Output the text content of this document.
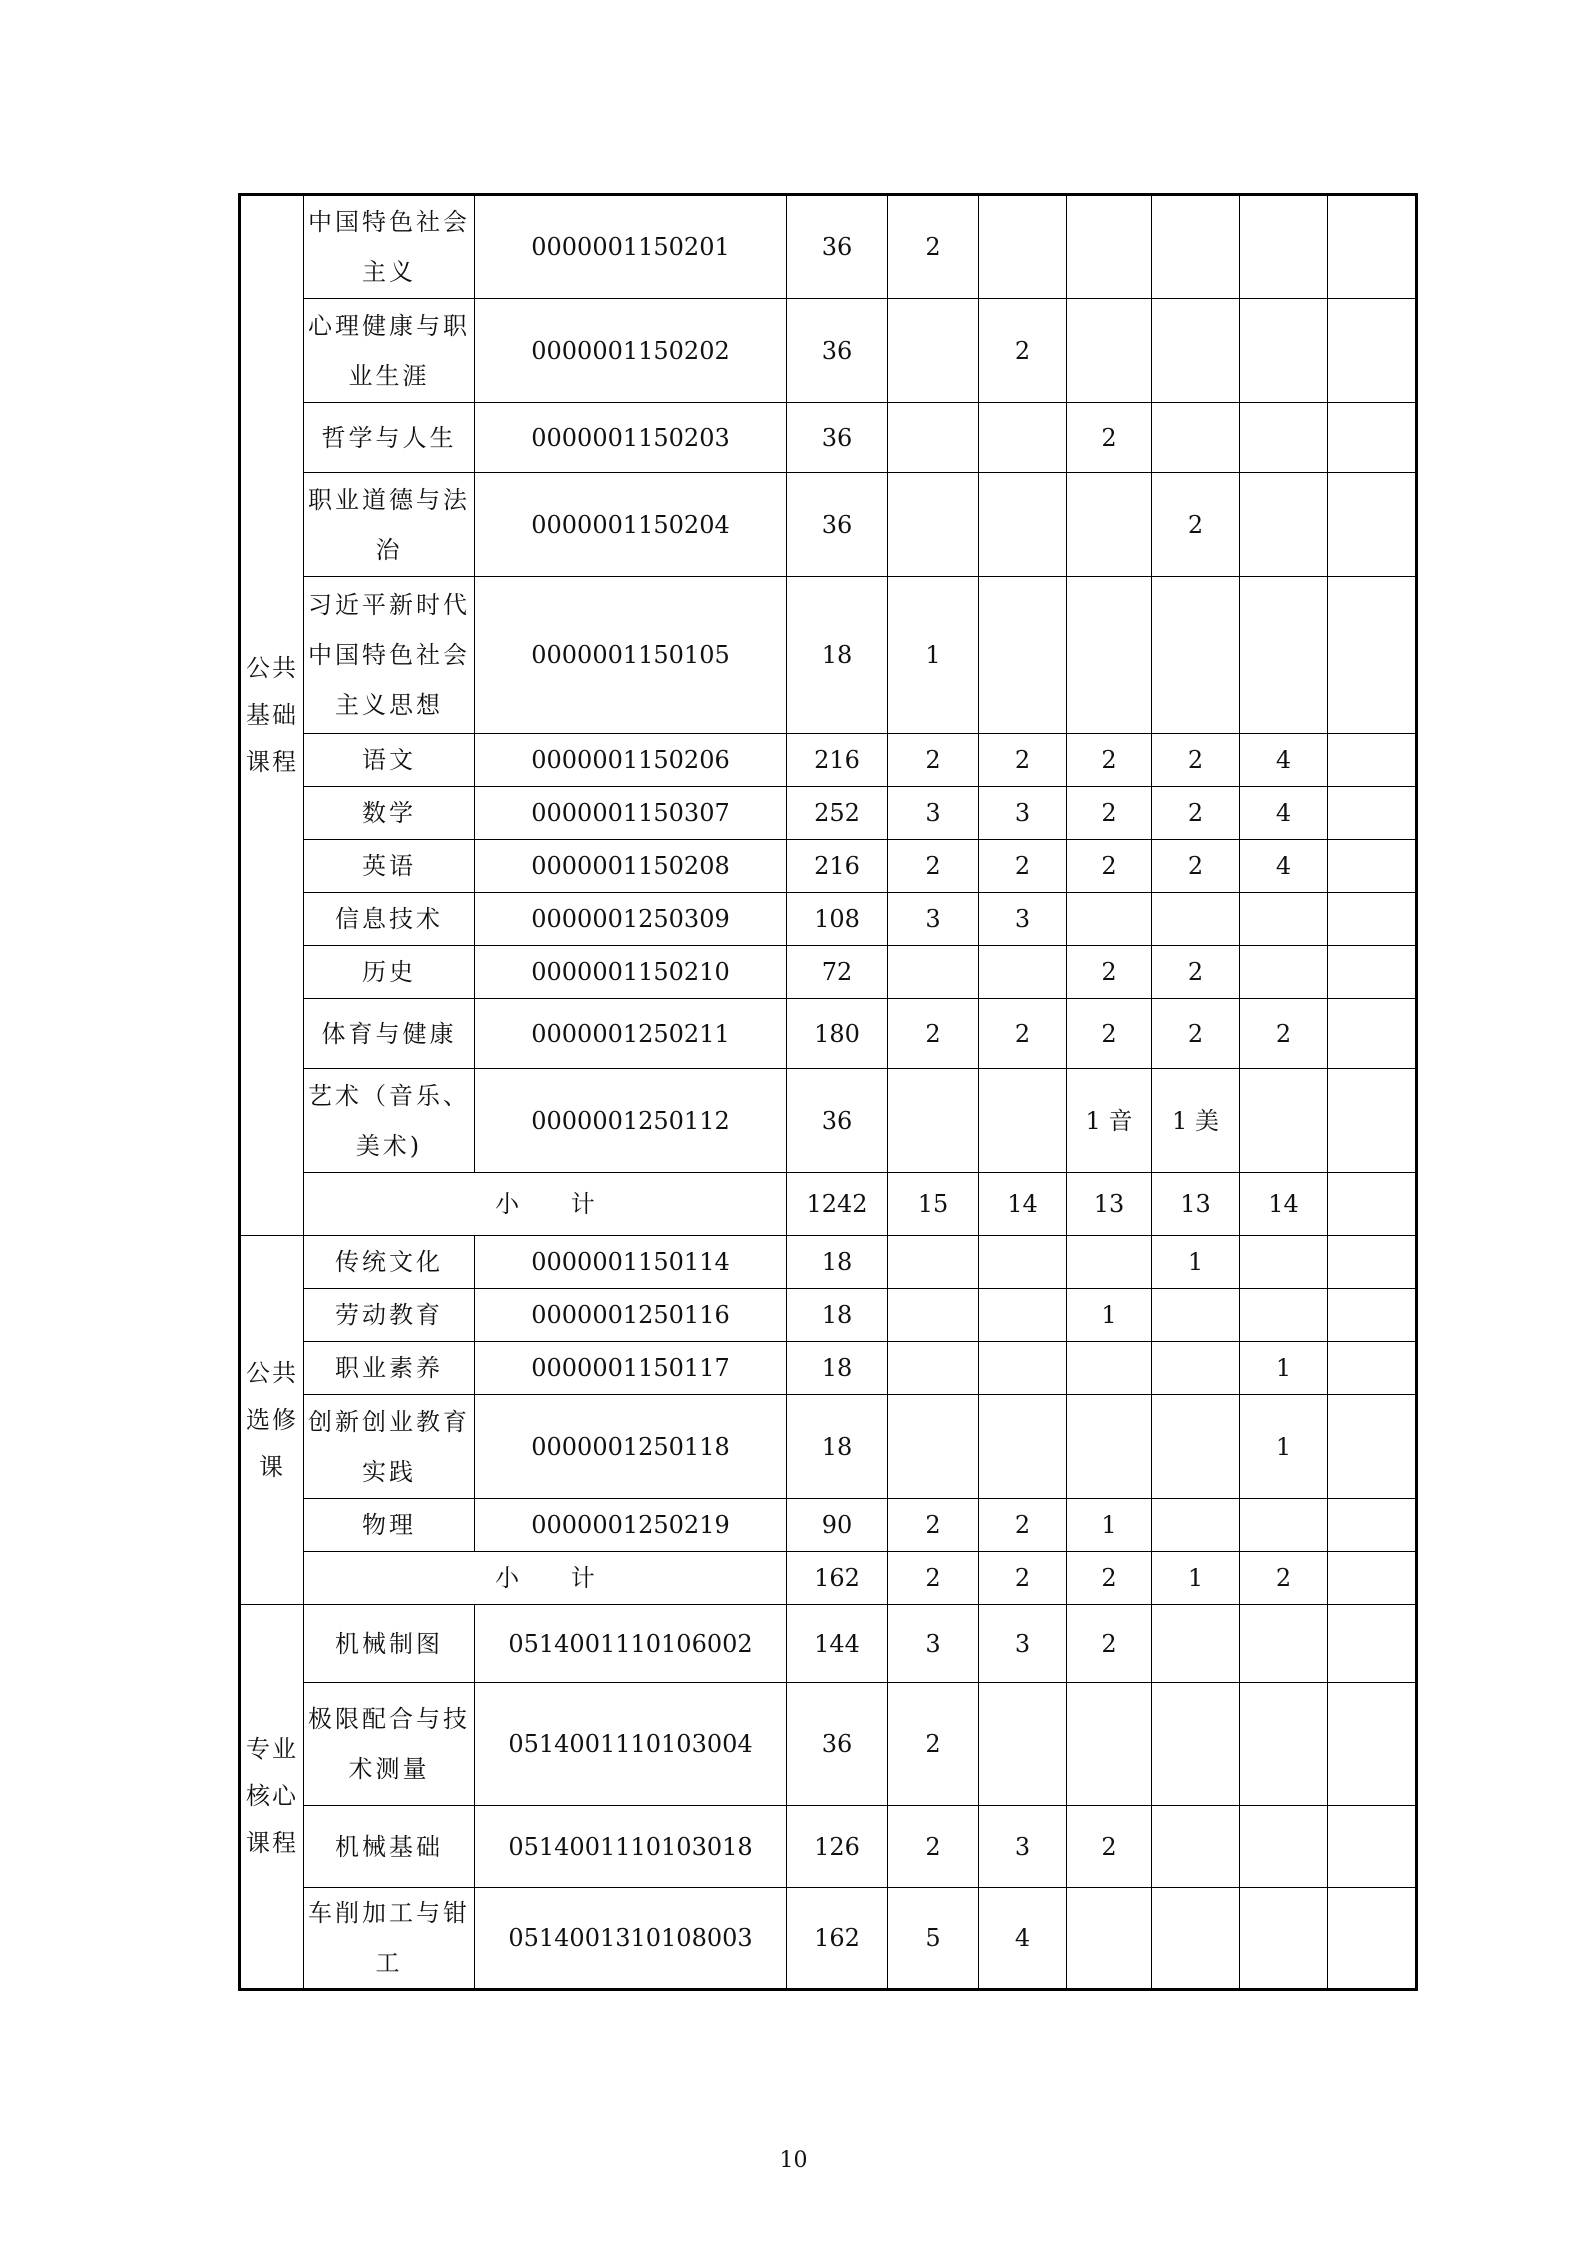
公共基础课程	中国特色社会主义	0000001150201	36	2					
	心理健康与职业生涯	0000001150202	36		2				
	哲学与人生	0000001150203	36			2			
	职业道德与法治	0000001150204	36				2		
	习近平新时代中国特色社会主义思想	0000001150105	18	1					
	语文	0000001150206	216	2	2	2	2	4	
	数学	0000001150307	252	3	3	2	2	4	
	英语	0000001150208	216	2	2	2	2	4	
	信息技术	0000001250309	108	3	3				
	历史	0000001150210	72			2	2		
	体育与健康	0000001250211	180	2	2	2	2	2	
	艺术（音乐、美术)	0000001250112	36			1 音	1 美		
	小 计		1242	15	14	13	13	14	
公共选修课	传统文化	0000001150114	18				1		
	劳动教育	0000001250116	18			1			
	职业素养	0000001150117	18					1	
	创新创业教育实践	0000001250118	18					1	
	物理	0000001250219	90	2	2	1			
	小 计		162	2	2	2	1	2	
专业核心课程	机械制图	0514001110106002	144	3	3	2			
	极限配合与技术测量	0514001110103004	36	2					
	机械基础	0514001110103018	126	2	3	2			
	车削加工与钳工	0514001310108003	162	5	4				
10
